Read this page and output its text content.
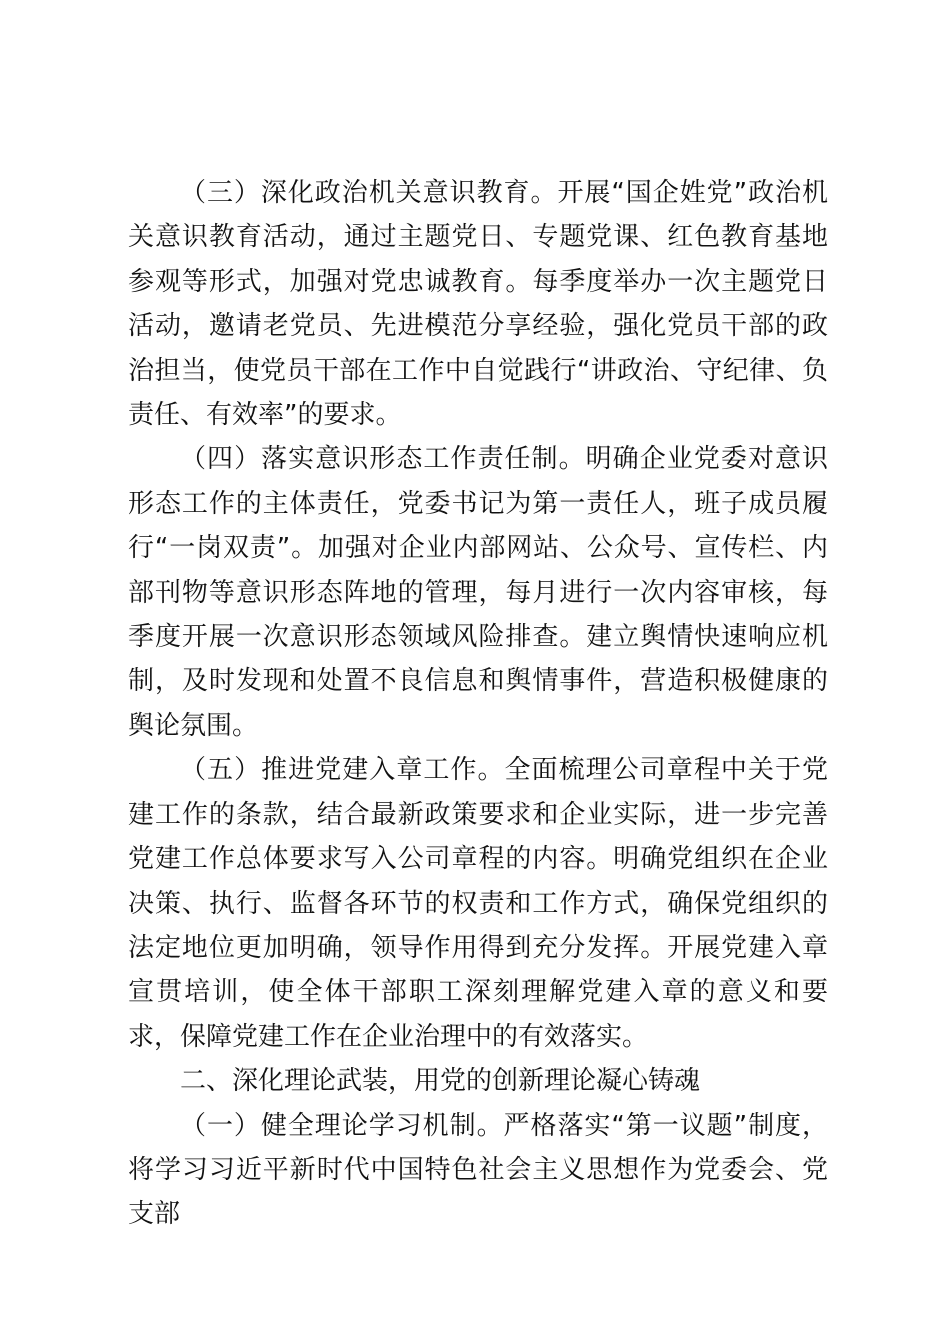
（三）深化政治机关意识教育。开展“国企姓党”政治机关意识教育活动，通过主题党日、专题党课、红色教育基地参观等形式，加强对党忠诚教育。每季度举办一次主题党日活动，邀请老党员、先进模范分享经验，强化党员干部的政治担当，使党员干部在工作中自觉践行“讲政治、守纪律、负责任、有效率”的要求。

（四）落实意识形态工作责任制。明确企业党委对意识形态工作的主体责任，党委书记为第一责任人，班子成员履行“一岗双责”。加强对企业内部网站、公众号、宣传栏、内部刊物等意识形态阵地的管理，每月进行一次内容审核，每季度开展一次意识形态领域风险排查。建立舆情快速响应机制，及时发现和处置不良信息和舆情事件，营造积极健康的舆论氛围。

（五）推进党建入章工作。全面梳理公司章程中关于党建工作的条款，结合最新政策要求和企业实际，进一步完善党建工作总体要求写入公司章程的内容。明确党组织在企业决策、执行、监督各环节的权责和工作方式，确保党组织的法定地位更加明确，领导作用得到充分发挥。开展党建入章宣贯培训，使全体干部职工深刻理解党建入章的意义和要求，保障党建工作在企业治理中的有效落实。

二、深化理论武装，用党的创新理论凝心铸魂

（一）健全理论学习机制。严格落实“第一议题”制度，将学习习近平新时代中国特色社会主义思想作为党委会、党支部
